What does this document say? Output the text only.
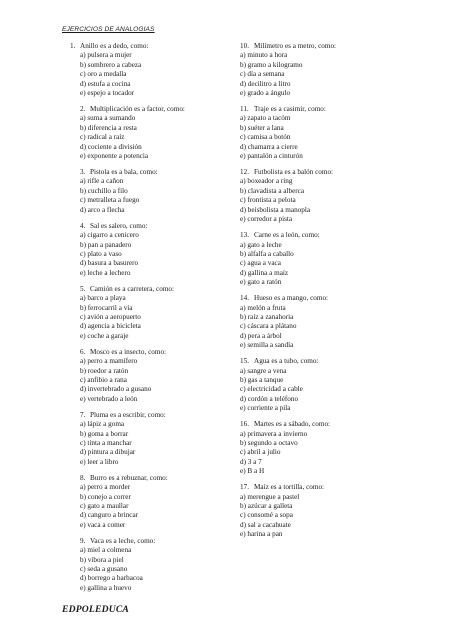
EJERCICIOS DE ANALOGIAS
1. Anillo es a dedo, como:
a) pulsera a mujer
b) sombrero a cabeza
c) oro a medalla
d) estufa a cocina
e) espejo a tocador
2. Multiplicación es a factor, como:
a) suma a sumando
b) diferencia a resta
c) radical a raíz
d) cociente a división
e) exponente a potencia
3. Pistola es a bala, como:
a) rifle a cañon
b) cuchillo a filo
c) metralleta a fuego
d) arco a flecha
4. Sal es salero, como:
a) cigarro a cenicero
b) pan a panadero
c) plato a vaso
d) basura a basurero
e) leche a lechero
5. Camión es a carretera, como:
a) barco a playa
b) ferrocarril a vía
c) avión a aeropuerto
d) agencia a bicicleta
e) coche a garaje
6. Mosco es a insecto, como:
a) perro a mamífero
b) roedor a ratón
c) anfibio a rana
d) invertebrado a gusano
e) vertebrado a león
7. Pluma es a escribir, como:
a) lápiz a goma
b) goma a borrar
c) tinta a manchar
d) pintura a dibujar
e) leer a libro
8. Burro es a rebuznar, como:
a) perro a morder
b) conejo a correr
c) gato a maullar
d) canguro a brincar
e) vaca a comer
9. Vaca es a leche, como:
a) miel a colmena
b) víbora a piel
c) seda a gusano
d) borrego a barbacoa
e) gallina a huevo
10. Milímetro es a metro, como:
a) minuto a hora
b) gramo a kilogramo
c) día a semana
d) decilitro a litro
e) grado a ángulo
11. Traje es a casimir, como:
a) zapato a tacóm
b) suéter a lana
c) camisa a botón
d) chamarra a cierre
e) pantalón a cinturón
12. Futbolista es a balón como:
a) boxeador a ring
b) clavadista a alberca
c) frontista a pelota
d) beisbolista a manopla
e) corredor a pista
13. Carne es a león, como:
a) gato a leche
b) alfalfa a caballo
c) agua a vaca
d) gallina a maíz
e) gato a ratón
14. Hueso es a mango, como:
a) melón a fruta
b) raíz a zanahoria
c) cáscara a plátano
d) pera a árbol
e) semilla a sandía
15. Agua es a tubo, como:
a) sangre a vena
b) gas a tanque
c) electricidad a cable
d) cordón a teléfono
e) corriente a pila
16. Martes es a sábado, como:
a) primavera a invierno
b) segundo a octavo
c) abril a julio
d) 3 a 7
e) B a H
17. Maíz es a tortilla, como:
a) merengue a pastel
b) azúcar a galleta
c) consomé a sopa
d) sal a cacahuate
e) harina a pan
EDPOLEDUCA
